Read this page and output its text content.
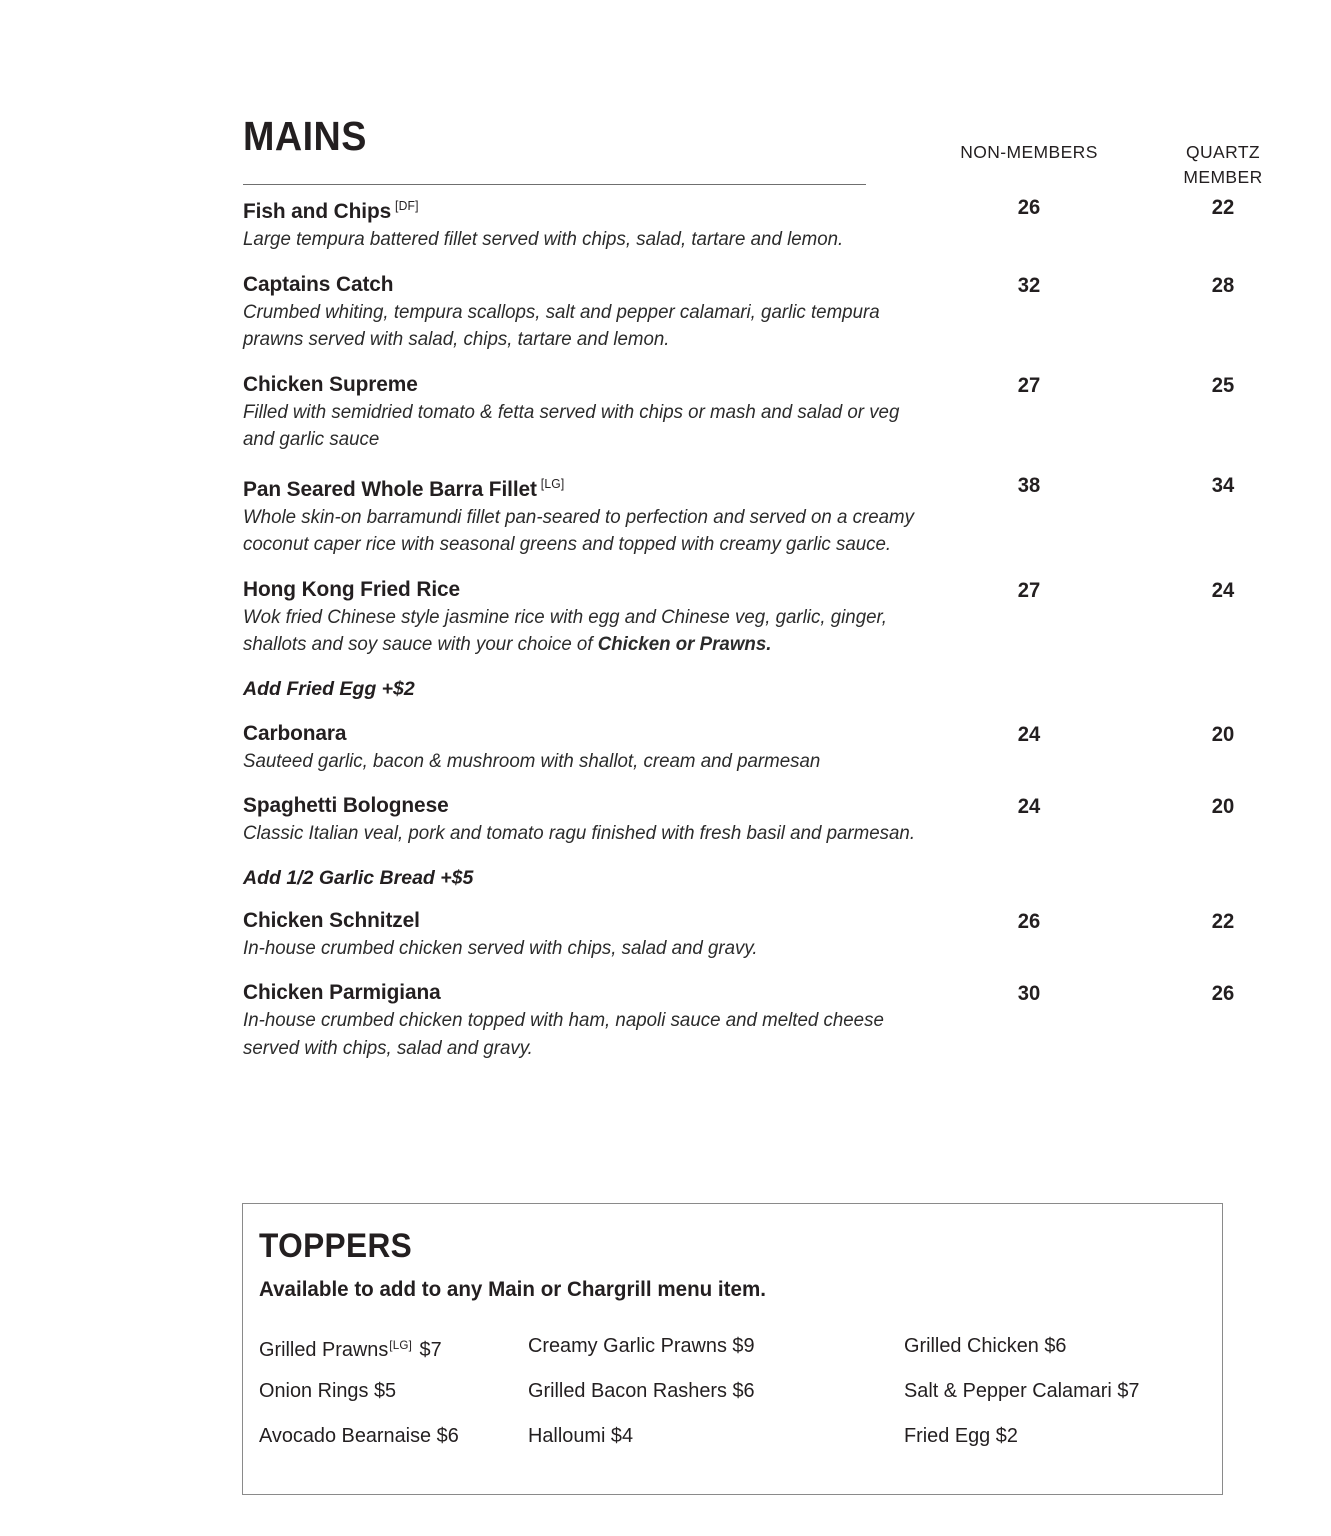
MAINS	NON-MEMBERS	QUARTZ
MEMBER
Fish and Chips [DF]
Large tempura battered fillet served with chips, salad, tartare and lemon.
26	22
Captains Catch
Crumbed whiting, tempura scallops, salt and pepper calamari, garlic tempura prawns served with salad, chips, tartare and lemon.
32	28
Chicken Supreme
Filled with semidried tomato & fetta served with chips or mash and salad or veg and garlic sauce
27	25
Pan Seared Whole Barra Fillet [LG]
Whole skin-on barramundi fillet pan-seared to perfection and served on a creamy coconut caper rice with seasonal greens and topped with creamy garlic sauce.
38	34
Hong Kong Fried Rice
Wok fried Chinese style jasmine rice with egg and Chinese veg, garlic, ginger, shallots and soy sauce with your choice of Chicken or Prawns.
27	24
Add Fried Egg +$2
Carbonara
Sauteed garlic, bacon & mushroom with shallot, cream and parmesan
24	20
Spaghetti Bolognese
Classic Italian veal, pork and tomato ragu finished with fresh basil and parmesan.
24	20
Add 1/2 Garlic Bread +$5
Chicken Schnitzel
In-house crumbed chicken served with chips, salad and gravy.
26	22
Chicken Parmigiana
In-house crumbed chicken topped with ham, napoli sauce and melted cheese served with chips, salad and gravy.
30	26
TOPPERS
Available to add to any Main or Chargrill menu item.
Grilled Prawns[LG] $7	Creamy Garlic Prawns $9	Grilled Chicken $6
Onion Rings $5	Grilled Bacon Rashers $6	Salt & Pepper Calamari $7
Avocado Bearnaise $6	Halloumi $4	Fried Egg $2
